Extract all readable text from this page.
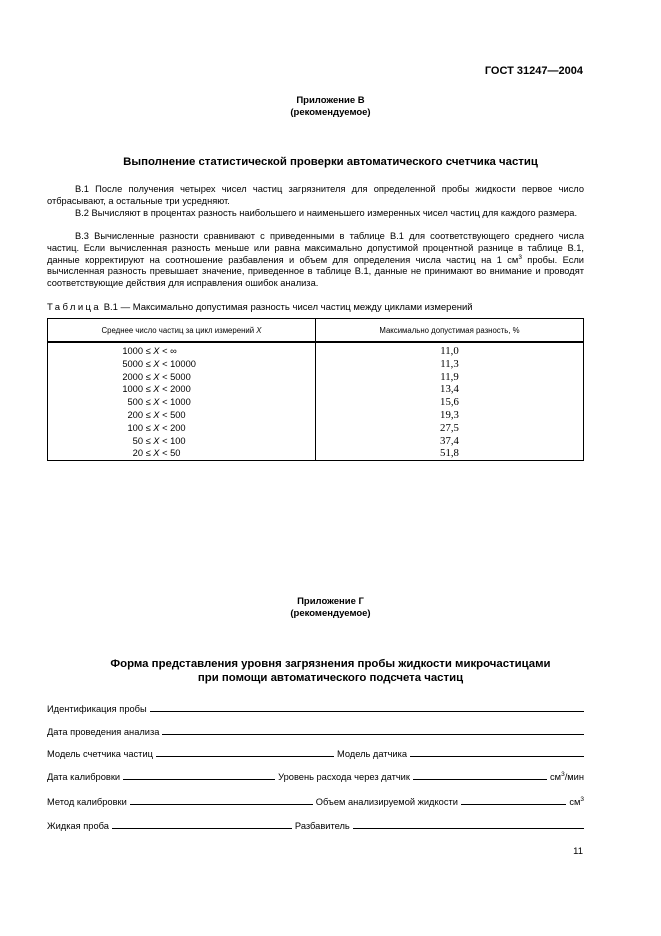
ГОСТ 31247—2004
Приложение В
(рекомендуемое)
Выполнение статистической проверки автоматического счетчика частиц
В.1 После получения четырех чисел частиц загрязнителя для определенной пробы жидкости первое число отбрасывают, а остальные три усредняют.
В.2 Вычисляют в процентах разность наибольшего и наименьшего измеренных чисел частиц для каждого размера.
В.3 Вычисленные разности сравнивают с приведенными в таблице В.1 для соответствующего среднего числа частиц. Если вычисленная разность меньше или равна максимально допустимой процентной разнице в таблице В.1, данные корректируют на соотношение разбавления и объем для определения числа частиц на 1 $см^3$ пробы. Если вычисленная разность превышает значение, приведенное в таблице В.1, данные не принимают во внимание и проводят соответствующие действия для исправления ошибок анализа.
Таблица В.1 — Максимально допустимая разность чисел частиц между циклами измерений
Среднее число частиц за цикл измерений X	Максимально допустимая разность, %
1000 ≤ X < ∞	11,0
5000 ≤ X < 10000	11,3
2000 ≤ X < 5000	11,9
1000 ≤ X < 2000	13,4
500 ≤ X < 1000	15,6
200 ≤ X < 500	19,3
100 ≤ X < 200	27,5
50 ≤ X < 100	37,4
20 ≤ X < 50	51,8
Приложение Г
(рекомендуемое)
Форма представления уровня загрязнения пробы жидкости микрочастицами
при помощи автоматического подсчета частиц
Идентификация пробы
Дата проведения анализа
Модель счетчика частиц	Модель датчика
Дата калибровки	Уровень расхода через датчик	$см^3$/мин
Метод калибровки	Объем анализируемой жидкости	$см^3$
Жидкая проба	Разбавитель
11
